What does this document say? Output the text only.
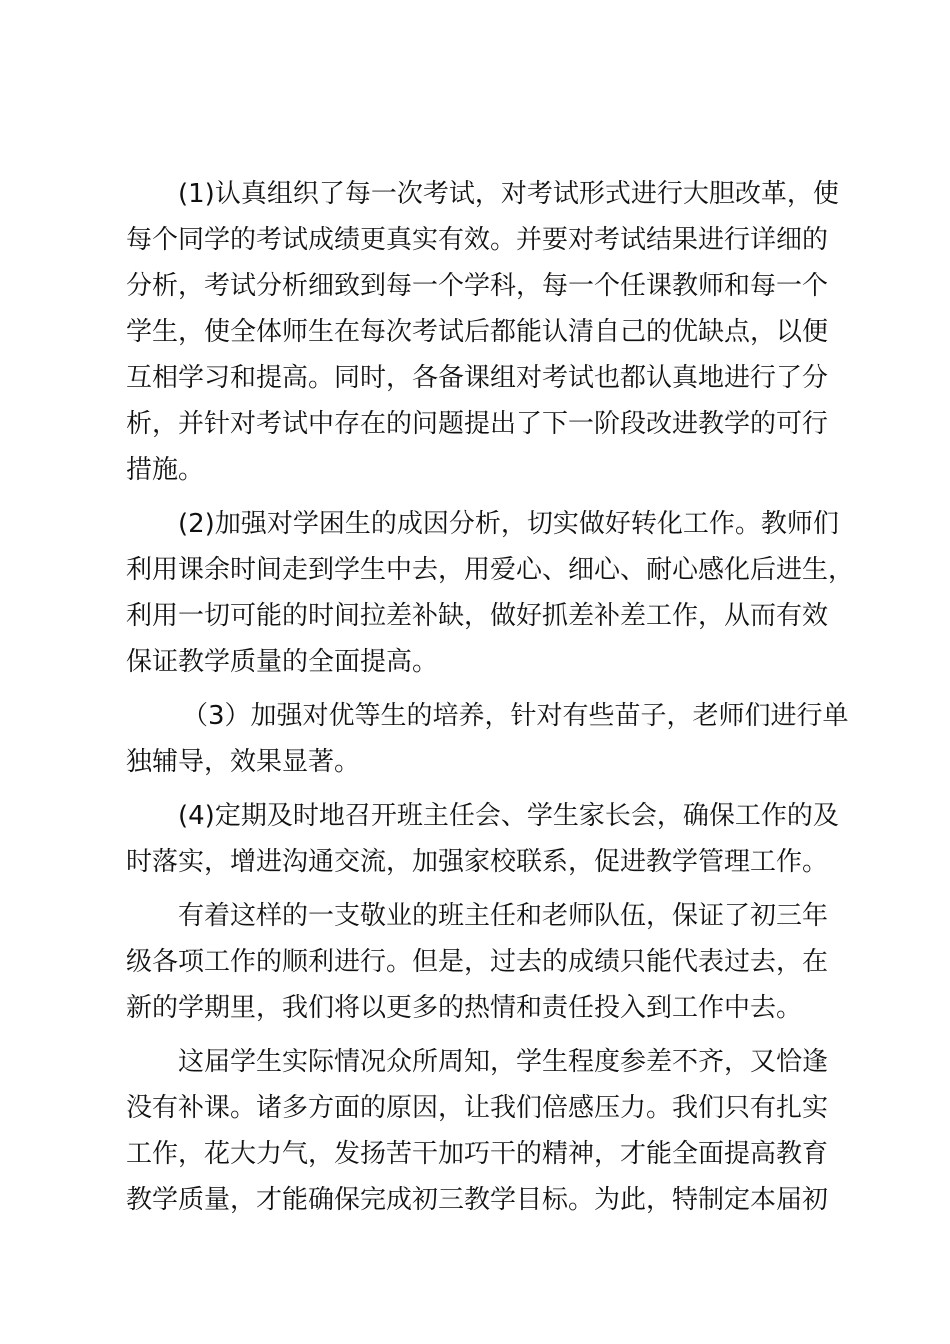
(1)认真组织了每一次考试，对考试形式进行大胆改革，使
每个同学的考试成绩更真实有效。并要对考试结果进行详细的
分析，考试分析细致到每一个学科，每一个任课教师和每一个
学生，使全体师生在每次考试后都能认清自己的优缺点，以便
互相学习和提高。同时，各备课组对考试也都认真地进行了分
析，并针对考试中存在的问题提出了下一阶段改进教学的可行
措施。

(2)加强对学困生的成因分析，切实做好转化工作。教师们
利用课余时间走到学生中去，用爱心、细心、耐心感化后进生，
利用一切可能的时间拉差补缺，做好抓差补差工作，从而有效
保证教学质量的全面提高。

（3）加强对优等生的培养，针对有些苗子，老师们进行单
独辅导，效果显著。

(4)定期及时地召开班主任会、学生家长会，确保工作的及
时落实，增进沟通交流，加强家校联系，促进教学管理工作。

有着这样的一支敬业的班主任和老师队伍，保证了初三年
级各项工作的顺利进行。但是，过去的成绩只能代表过去，在
新的学期里，我们将以更多的热情和责任投入到工作中去。

这届学生实际情况众所周知，学生程度参差不齐，又恰逢
没有补课。诸多方面的原因，让我们倍感压力。我们只有扎实
工作，花大力气，发扬苦干加巧干的精神，才能全面提高教育
教学质量，才能确保完成初三教学目标。为此，特制定本届初
